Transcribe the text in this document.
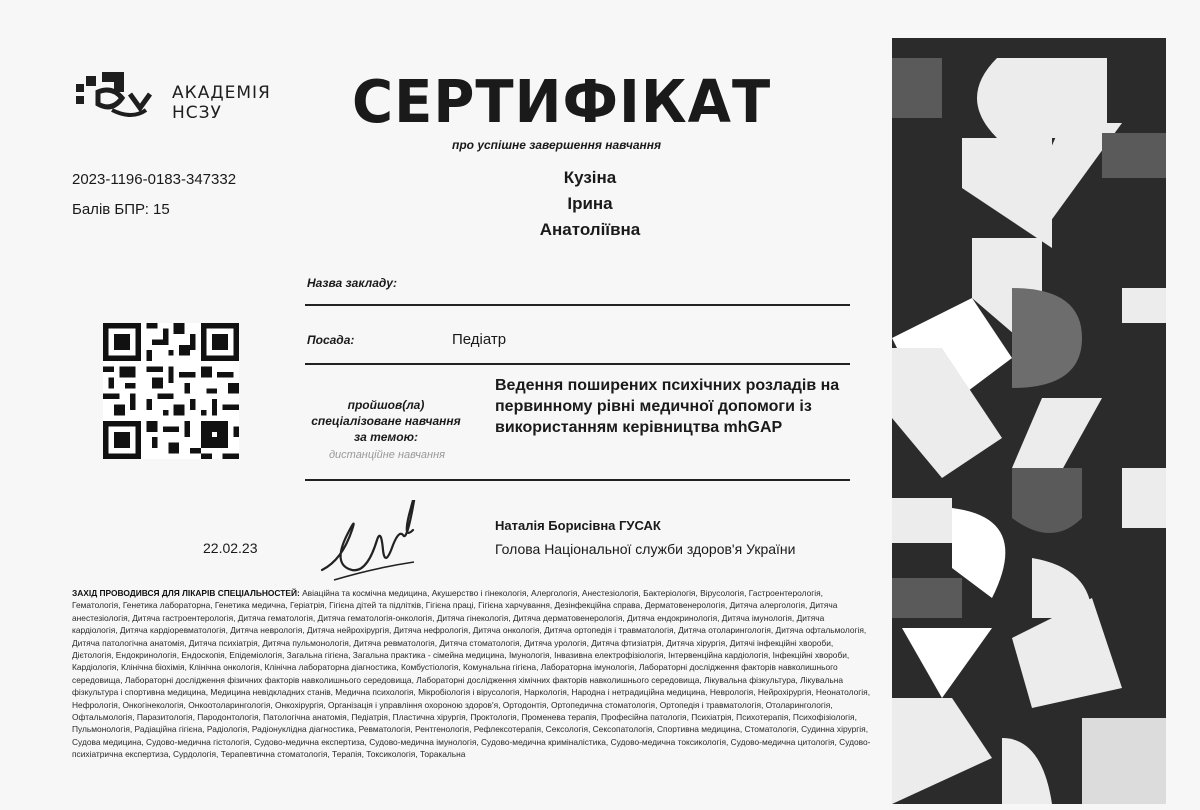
АКАДЕМІЯ
НСЗУ
2023-1196-0183-347332
Балів БПР: 15
СЕРТИФІКАТ
про успішне завершення навчання
Кузіна
Ірина
Анатоліївна
Назва закладу:
Посада:	Педіатр
пройшов(ла) спеціалізоване навчання за темою:
дистанційне навчання
Ведення поширених психічних розладів на первинному рівні медичної допомоги із використанням керівництва mhGAP
22.02.23
Наталія Борисівна ГУСАК
Голова Національної служби здоров'я України
ЗАХІД ПРОВОДИВСЯ ДЛЯ ЛІКАРІВ СПЕЦІАЛЬНОСТЕЙ: Авіаційна та космічна медицина, Акушерство і гінекологія, Алергологія, Анестезіологія, Бактеріологія, Вірусологія, Гастроентерологія, Гематологія, Генетика лабораторна, Генетика медична, Геріатрія, Гігієна дітей та підлітків, Гігієна праці, Гігієна харчування, Дезінфекційна справа, Дерматовенерологія, Дитяча алергологія, Дитяча анестезіологія, Дитяча гастроентерологія, Дитяча гематологія, Дитяча гематологія-онкологія, Дитяча гінекологія, Дитяча дерматовенерологія, Дитяча ендокринологія, Дитяча імунологія, Дитяча кардіологія, Дитяча кардіоревматологія, Дитяча неврологія, Дитяча нейрохірургія, Дитяча нефрологія, Дитяча онкологія, Дитяча ортопедія і травматологія, Дитяча отоларингологія, Дитяча офтальмологія, Дитяча патологічна анатомія, Дитяча психіатрія, Дитяча пульмонологія, Дитяча ревматологія, Дитяча стоматологія, Дитяча урологія, Дитяча фтизіатрія, Дитяча хірургія, Дитячі інфекційні хвороби, Дієтологія, Ендокринологія, Ендоскопія, Епідеміологія, Загальна гігієна, Загальна практика - сімейна медицина, Імунологія, Інвазивна електрофізіологія, Інтервенційна кардіологія, Інфекційні хвороби, Кардіологія, Клінічна біохімія, Клінічна онкологія, Клінічна лабораторна діагностика, Комбустіологія, Комунальна гігієна, Лабораторна імунологія, Лабораторні дослідження факторів навколишнього середовища, Лабораторні дослідження фізичних факторів навколишнього середовища, Лабораторні дослідження хімічних факторів навколишнього середовища, Лікувальна фізкультура, Лікувальна фізкультура і спортивна медицина, Медицина невідкладних станів, Медична психологія, Мікробіологія і вірусологія, Наркологія, Народна і нетрадиційна медицина, Неврологія, Нейрохірургія, Неонатологія, Нефрологія, Онкогінекологія, Онкоотоларингологія, Онкохірургія, Організація і управління охороною здоров'я, Ортодонтія, Ортопедична стоматологія, Ортопедія і травматологія, Отоларингологія, Офтальмологія, Паразитологія, Пародонтологія, Патологічна анатомія, Педіатрія, Пластична хірургія, Проктологія, Променева терапія, Професійна патологія, Психіатрія, Психотерапія, Психофізіологія, Пульмонологія, Радіаційна гігієна, Радіологія, Радіонуклідна діагностика, Ревматологія, Рентгенологія, Рефлексотерапія, Сексологія, Сексопатологія, Спортивна медицина, Стоматологія, Судинна хірургія, Судова медицина, Судово-медична гістологія, Судово-медична експертиза, Судово-медична імунологія, Судово-медична криміналістика, Судово-медична токсикологія, Судово-медична цитологія, Судово-психіатрична експертиза, Сурдологія, Терапевтична стоматологія, Терапія, Токсикологія, Торакальна
